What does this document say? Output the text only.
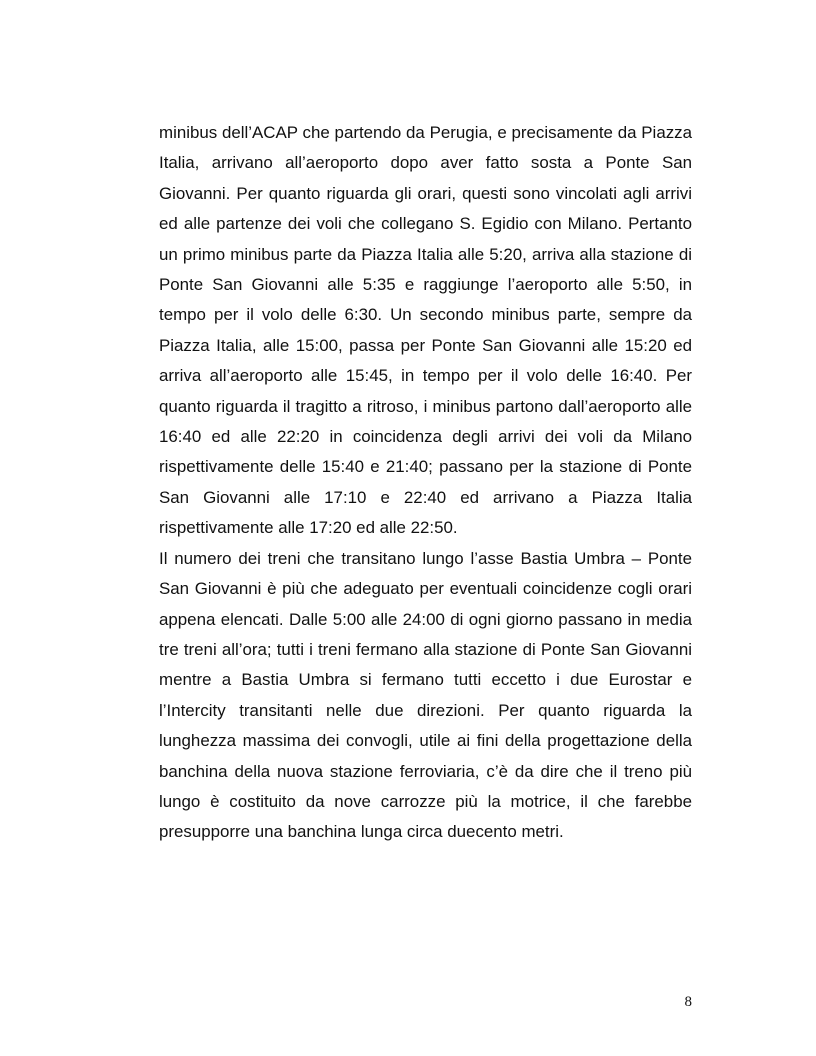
minibus dell’ACAP che partendo da Perugia, e precisamente da Piazza Italia, arrivano all’aeroporto dopo aver fatto sosta a Ponte San Giovanni. Per quanto riguarda gli orari, questi sono vincolati agli arrivi ed alle partenze dei voli che collegano S. Egidio con Milano. Pertanto un primo minibus parte da Piazza Italia alle 5:20, arriva alla stazione di Ponte San Giovanni alle 5:35 e raggiunge l’aeroporto alle 5:50, in tempo per il volo delle 6:30. Un secondo minibus parte, sempre da Piazza Italia, alle 15:00, passa per Ponte San Giovanni alle 15:20 ed arriva all’aeroporto alle 15:45, in tempo per il volo delle 16:40. Per quanto riguarda il tragitto a ritroso, i minibus partono dall’aeroporto alle 16:40 ed alle 22:20 in coincidenza degli arrivi dei voli da Milano rispettivamente delle 15:40 e 21:40; passano per la stazione di Ponte San Giovanni alle 17:10 e 22:40 ed arrivano a Piazza Italia rispettivamente alle 17:20 ed alle 22:50.

Il numero dei treni che transitano lungo l’asse Bastia Umbra – Ponte San Giovanni è più che adeguato per eventuali coincidenze cogli orari appena elencati. Dalle 5:00 alle 24:00 di ogni giorno passano in media tre treni all’ora; tutti i treni fermano alla stazione di Ponte San Giovanni mentre a Bastia Umbra si fermano tutti eccetto i due Eurostar e l’Intercity transitanti nelle due direzioni. Per quanto riguarda la lunghezza massima dei convogli, utile ai fini della progettazione della banchina della nuova stazione ferroviaria, c’è da dire che il treno più lungo è costituito da nove carrozze più la motrice, il che farebbe presupporre una banchina lunga circa duecento metri.

8
